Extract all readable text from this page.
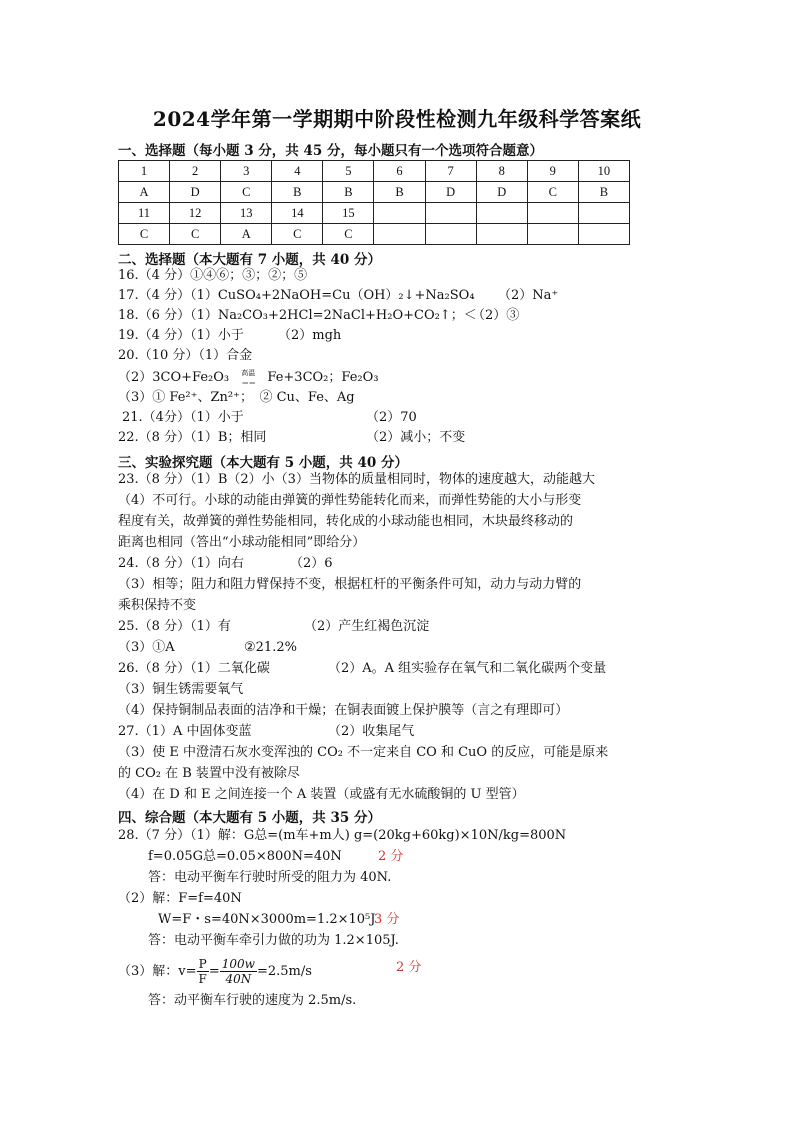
2024学年第一学期期中阶段性检测九年级科学答案纸
一、选择题（每小题 3 分，共 45 分，每小题只有一个选项符合题意）
1	2	3	4	5	6	7	8	9	10
A	D	C	B	B	B	D	D	C	B
11	12	13	14	15					
C	C	A	C	C					
二、选择题（本大题有 7 小题，共 40 分）
16.（4 分）①④⑥；③；②；⑤
17.（4 分）（1）CuSO₄+2NaOH=Cu（OH）₂↓+Na₂SO₄ （2）Na⁺
18.（6 分）（1）Na₂CO₃+2HCl=2NaCl+H₂O+CO₂↑；＜
（2）③
19.（4 分）（1）小于	（2）mgh
20.（10 分）（1）合金
（2）3CO+Fe₂O₃	高温
＝＝ Fe+3CO₂；Fe₂O₃
（3）① Fe²⁺、Zn²⁺；　② Cu、Fe、Ag
21.（4分）（1）小于	（2）70
22.（8 分）（1）B；相同	（2）减小；不变
三、实验探究题（本大题有 5 小题，共 40 分）
23.（8 分）（1）B（2）小（3）当物体的质量相同时，物体的速度越大，动能越大
（4）不可行。小球的动能由弹簧的弹性势能转化而来，而弹性势能的大小与形变
程度有关，故弹簧的弹性势能相同，转化成的小球动能也相同，木块最终移动的
距离也相同（答出“小球动能相同”即给分）
24.（8 分）（1）向右	（2）6
（3）相等；阻力和阻力臂保持不变，根据杠杆的平衡条件可知，动力与动力臂的
乘积保持不变
25.（8 分）（1）有	（2）产生红褐色沉淀
（3）①A	②21.2%
26.（8 分）（1）二氧化碳	（2）A。A 组实验存在氧气和二氧化碳两个变量
（3）铜生锈需要氧气
（4）保持铜制品表面的洁净和干燥；在铜表面镀上保护膜等（言之有理即可）
27.（1）A 中固体变蓝	（2）收集尾气
（3）使 E 中澄清石灰水变浑浊的 CO₂ 不一定来自 CO 和 CuO 的反应，可能是原来
的 CO₂ 在 B 装置中没有被除尽
（4）在 D 和 E 之间连接一个 A 装置（或盛有无水硫酸铜的 U 型管）
四、综合题（本大题有 5 小题，共 35 分）
28.（7 分）（1）解：G总=(m车+m人) g=(20kg+60kg)×10N/kg=800N
f=0.05G总=0.05×800N=40N	2 分
答：电动平衡车行驶时所受的阻力为 40N.
（2）解：F=f=40N
W=F・s=40N×3000m=1.2×10⁵J
3 分
答：电动平衡车牵引力做的功为 1.2×105J.
（3）解：$v= \frac{P}{F} = \frac{100w}{40N} =2.5m/s$	2 分
答：动平衡车行驶的速度为 2.5m/s.
